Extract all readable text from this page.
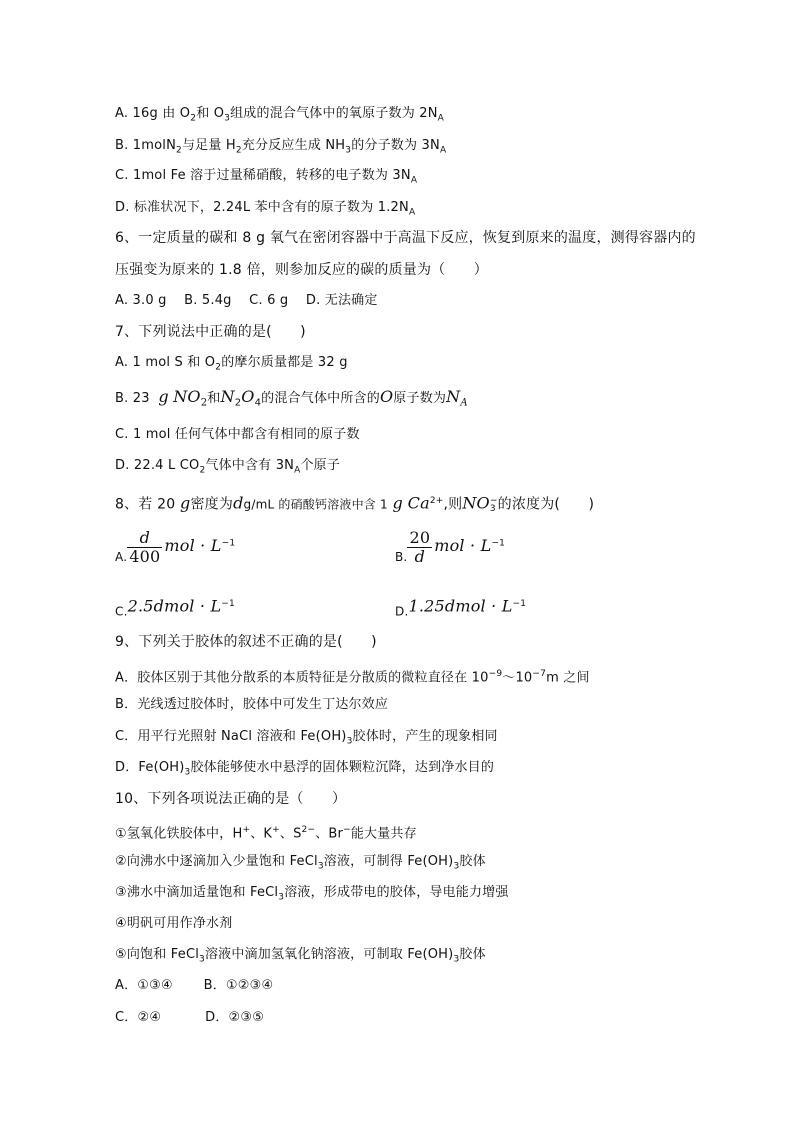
A. 16g 由 $O_2$和 $O_3$组成的混合气体中的氧原子数为 $2N_A$
B. 1molN$_2$与足量 $H_2$充分反应生成 $NH_3$的分子数为 $3N_A$
C. 1mol Fe 溶于过量稀硝酸，转移的电子数为 $3N_A$
D. 标准状况下，2.24L 苯中含有的原子数为 $1.2N_A$
6、一定质量的碳和 8 g 氧气在密闭容器中于高温下反应，恢复到原来的温度，测得容器内的
压强变为原来的 1.8 倍，则参加反应的碳的质量为（　　）
A. 3.0 g　 B. 5.4g　 C. 6 g　 D. 无法确定
7、下列说法中正确的是(　　)
A. 1 mol S 和 $O_2$的摩尔质量都是 32 g
B. 23 g $NO_2$和$N_2O_4$的混合气体中所含的O原子数为$N_A$
C. 1 mol 任何气体中都含有相同的原子数
D. 22.4 L $CO_2$气体中含有 $3N_A$个原子
8、若 20 g密度为dg/mL 的硝酸钙溶液中含 1 g $Ca^{2+}$,则NO −
3 的浓度为(　　)
A. $\frac{d}{400}$ mol · $L^{-1}$
B. $\frac{20}{d}$ mol · $L^{-1}$
C.2.5dmol · $L^{-1}$
D.1.25dmol · $L^{-1}$
9、下列关于胶体的叙述不正确的是(　　)
A．胶体区别于其他分散系的本质特征是分散质的微粒直径在 $10^{-9}\sim 10^{-7}m$ 之间
B．光线透过胶体时，胶体中可发生丁达尔效应
C．用平行光照射 NaCl 溶液和 $Fe(OH)_3$胶体时，产生的现象相同
D．$Fe(OH)_3$胶体能够使水中悬浮的固体颗粒沉降，达到净水目的
10、下列各项说法正确的是（　　）
①氢氧化铁胶体中，H+、K+、$S^{2-}$、Br−能大量共存
②向沸水中逐滴加入少量饱和 FeCl$_3$溶液，可制得 $Fe(OH)_3$胶体
③沸水中滴加适量饱和 FeCl$_3$溶液，形成带电的胶体，导电能力增强
④明矾可用作净水剂
⑤向饱和 FeCl$_3$溶液中滴加氢氧化钠溶液，可制取 $Fe(OH)_3$胶体
A．①③④　　 B．①②③④
C．②④　　　 D．②③⑤
